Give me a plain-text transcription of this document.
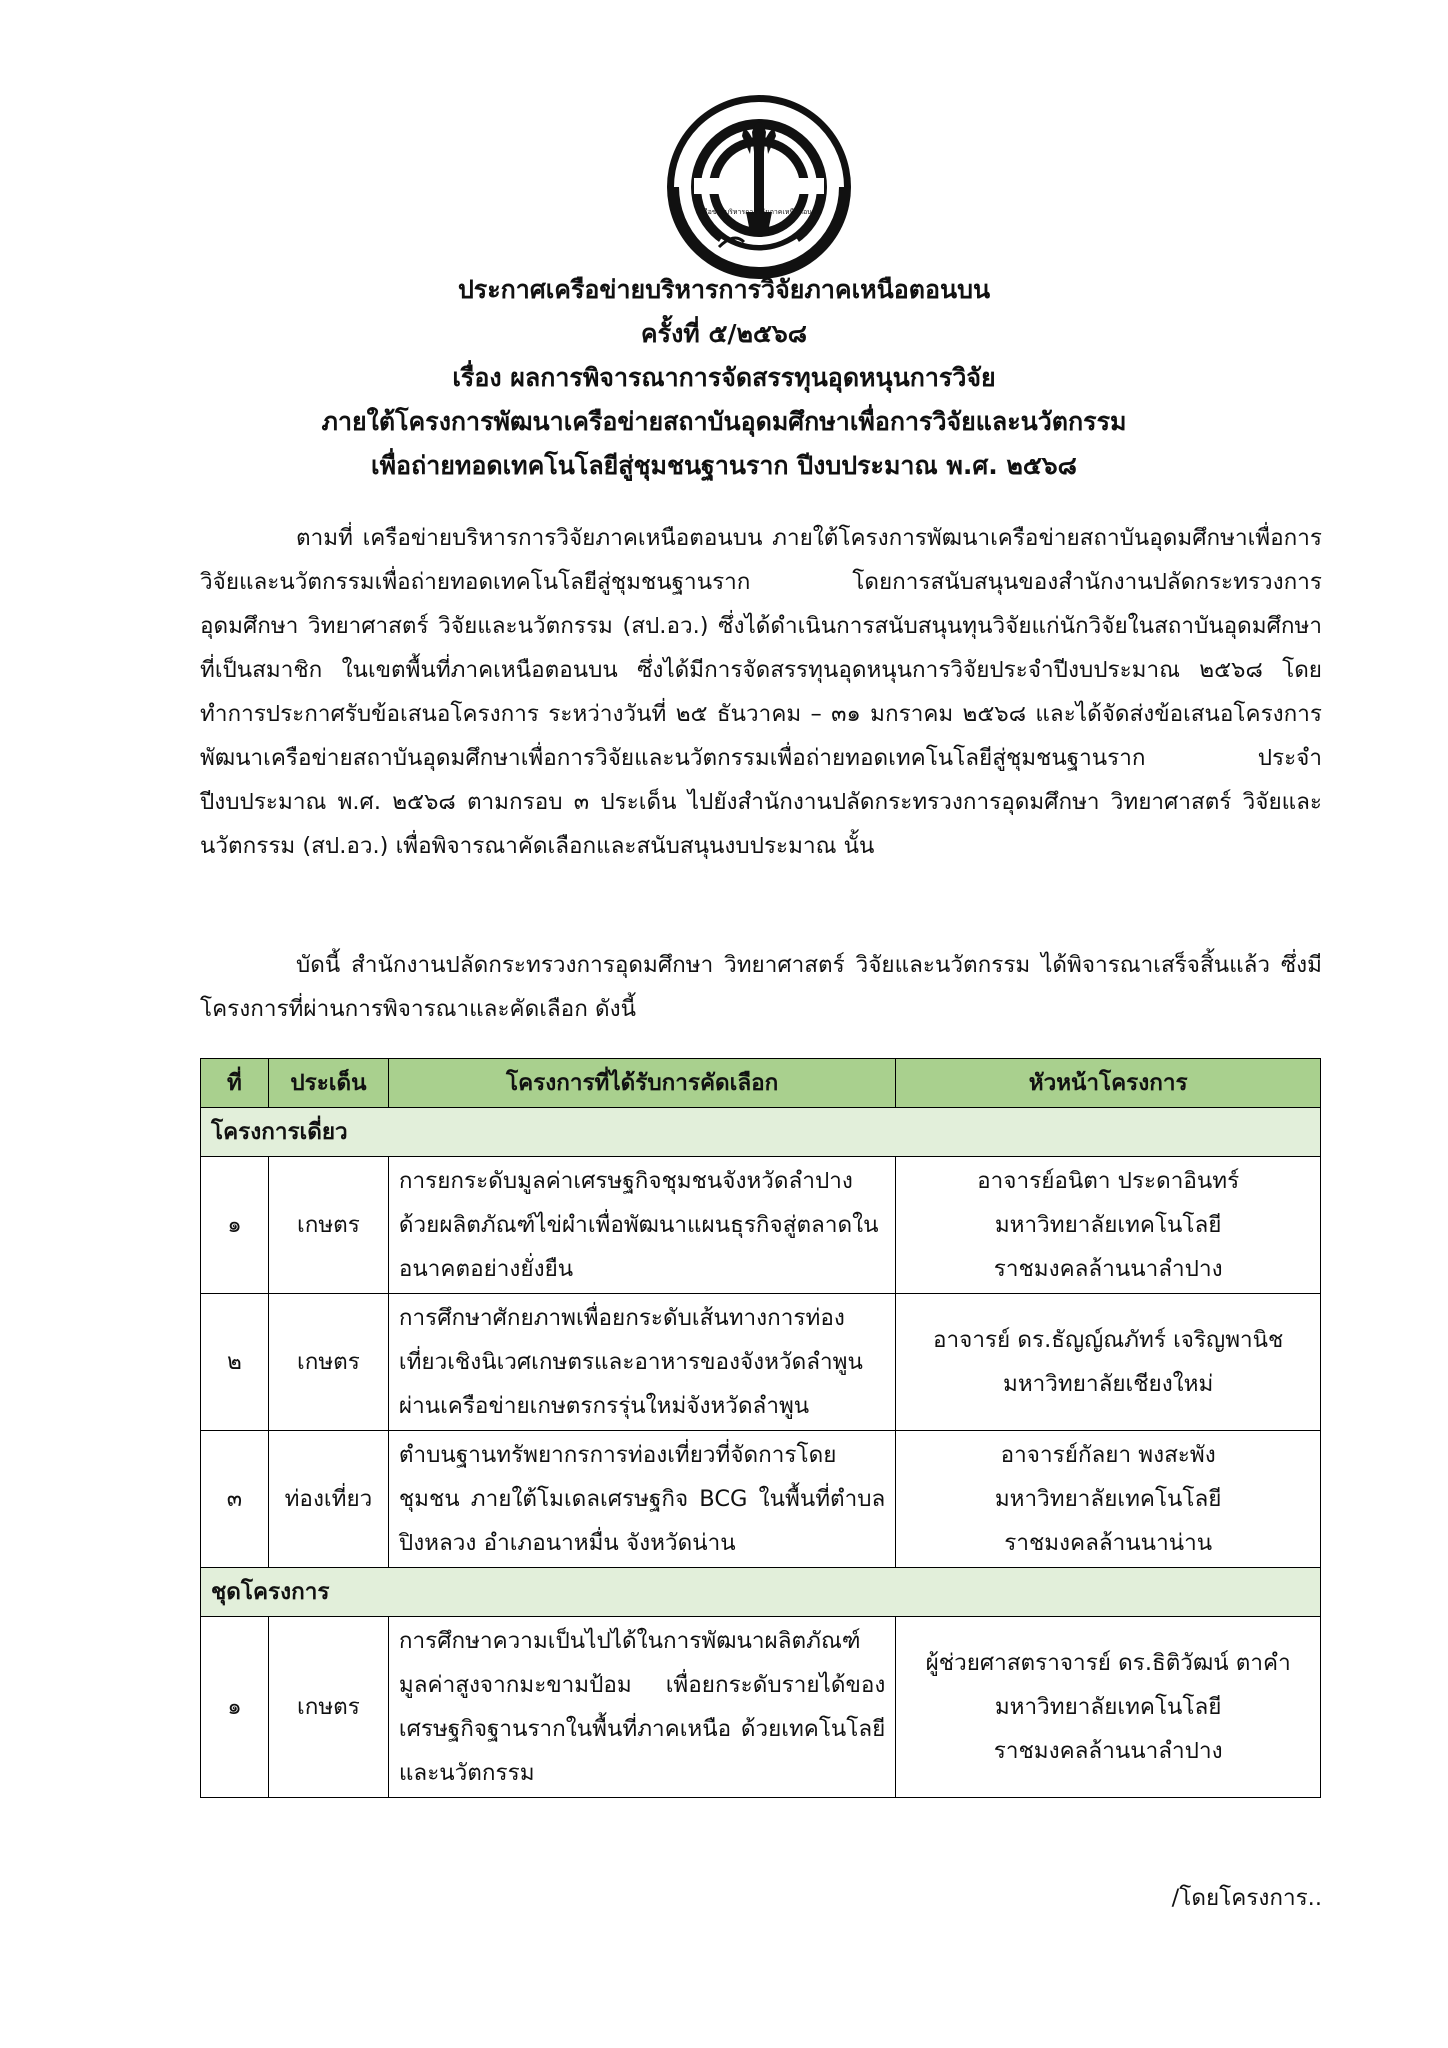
เครือข่ายบริหารการวิจัยภาคเหนือตอนบน
ประกาศเครือข่ายบริหารการวิจัยภาคเหนือตอนบน
ครั้งที่ ๕/๒๕๖๘
เรื่อง ผลการพิจารณาการจัดสรรทุนอุดหนุนการวิจัย
ภายใต้โครงการพัฒนาเครือข่ายสถาบันอุดมศึกษาเพื่อการวิจัยและนวัตกรรม
เพื่อถ่ายทอดเทคโนโลยีสู่ชุมชนฐานราก ปีงบประมาณ พ.ศ. ๒๕๖๘
ตามที่ เครือข่ายบริหารการวิจัยภาคเหนือตอนบน ภายใต้โครงการพัฒนาเครือข่ายสถาบันอุดมศึกษาเพื่อการวิจัยและนวัตกรรมเพื่อถ่ายทอดเทคโนโลยีสู่ชุมชนฐานราก โดยการสนับสนุนของสำนักงานปลัดกระทรวงการอุดมศึกษา วิทยาศาสตร์ วิจัยและนวัตกรรม (สป.อว.) ซึ่งได้ดำเนินการสนับสนุนทุนวิจัยแก่นักวิจัยในสถาบันอุดมศึกษาที่เป็นสมาชิก ในเขตพื้นที่ภาคเหนือตอนบน ซึ่งได้มีการจัดสรรทุนอุดหนุนการวิจัยประจำปีงบประมาณ ๒๕๖๘ โดยทำการประกาศรับข้อเสนอโครงการ ระหว่างวันที่ ๒๕ ธันวาคม – ๓๑ มกราคม ๒๕๖๘ และได้จัดส่งข้อเสนอโครงการพัฒนาเครือข่ายสถาบันอุดมศึกษาเพื่อการวิจัยและนวัตกรรมเพื่อถ่ายทอดเทคโนโลยีสู่ชุมชนฐานราก ประจำปีงบประมาณ พ.ศ. ๒๕๖๘ ตามกรอบ ๓ ประเด็น ไปยังสำนักงานปลัดกระทรวงการอุดมศึกษา วิทยาศาสตร์ วิจัยและนวัตกรรม (สป.อว.) เพื่อพิจารณาคัดเลือกและสนับสนุนงบประมาณ นั้น
บัดนี้ สำนักงานปลัดกระทรวงการอุดมศึกษา วิทยาศาสตร์ วิจัยและนวัตกรรม ได้พิจารณาเสร็จสิ้นแล้ว ซึ่งมีโครงการที่ผ่านการพิจารณาและคัดเลือก ดังนี้
ที่	ประเด็น	โครงการที่ได้รับการคัดเลือก	หัวหน้าโครงการ
โครงการเดี่ยว			
๑	เกษตร	การยกระดับมูลค่าเศรษฐกิจชุมชนจังหวัดลำปางด้วยผลิตภัณฑ์ไข่ผำเพื่อพัฒนาแผนธุรกิจสู่ตลาดในอนาคตอย่างยั่งยืน	อาจารย์อนิตา ประดาอินทร์
มหาวิทยาลัยเทคโนโลยี
ราชมงคลล้านนาลำปาง

๒	เกษตร	การศึกษาศักยภาพเพื่อยกระดับเส้นทางการท่องเที่ยวเชิงนิเวศเกษตรและอาหารของจังหวัดลำพูนผ่านเครือข่ายเกษตรกรรุ่นใหม่จังหวัดลำพูน	อาจารย์ ดร.ธัญญ์ณภัทร์ เจริญพานิช
มหาวิทยาลัยเชียงใหม่

๓	ท่องเที่ยว	ตำบนฐานทรัพยากรการท่องเที่ยวที่จัดการโดยชุมชน ภายใต้โมเดลเศรษฐกิจ BCG ในพื้นที่ตำบลปิงหลวง อำเภอนาหมื่น จังหวัดน่าน	อาจารย์กัลยา พงสะพัง
มหาวิทยาลัยเทคโนโลยี
ราชมงคลล้านนาน่าน

ชุดโครงการ			
๑	เกษตร	การศึกษาความเป็นไปได้ในการพัฒนาผลิตภัณฑ์มูลค่าสูงจากมะขามป้อม เพื่อยกระดับรายได้ของเศรษฐกิจฐานรากในพื้นที่ภาคเหนือ ด้วยเทคโนโลยีและนวัตกรรม	ผู้ช่วยศาสตราจารย์ ดร.ธิติวัฒน์ ตาคำ
มหาวิทยาลัยเทคโนโลยี
ราชมงคลล้านนาลำปาง
/โดยโครงการ..
